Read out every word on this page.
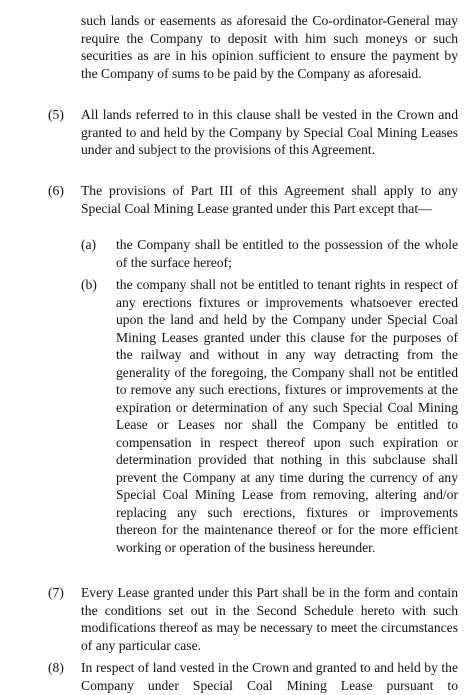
such lands or easements as aforesaid the Co-ordinator-General may require the Company to deposit with him such moneys or such securities as are in his opinion sufficient to ensure the payment by the Company of sums to be paid by the Company as aforesaid.

(5) All lands referred to in this clause shall be vested in the Crown and granted to and held by the Company by Special Coal Mining Leases under and subject to the provisions of this Agreement.

(6) The provisions of Part III of this Agreement shall apply to any Special Coal Mining Lease granted under this Part except that—

(a) the Company shall be entitled to the possession of the whole of the surface hereof;

(b) the company shall not be entitled to tenant rights in respect of any erections fixtures or improvements whatsoever erected upon the land and held by the Company under Special Coal Mining Leases granted under this clause for the purposes of the railway and without in any way detracting from the generality of the foregoing, the Company shall not be entitled to remove any such erections, fixtures or improvements at the expiration or determination of any such Special Coal Mining Lease or Leases nor shall the Company be entitled to compensation in respect thereof upon such expiration or determination provided that nothing in this subclause shall prevent the Company at any time during the currency of any Special Coal Mining Lease from removing, altering and/or replacing any such erections, fixtures or improvements thereon for the maintenance thereof or for the more efficient working or operation of the business hereunder.

(7) Every Lease granted under this Part shall be in the form and contain the conditions set out in the Second Schedule hereto with such modifications thereof as may be necessary to meet the circumstances of any particular case.

(8) In respect of land vested in the Crown and granted to and held by the Company under Special Coal Mining Lease pursuant to
